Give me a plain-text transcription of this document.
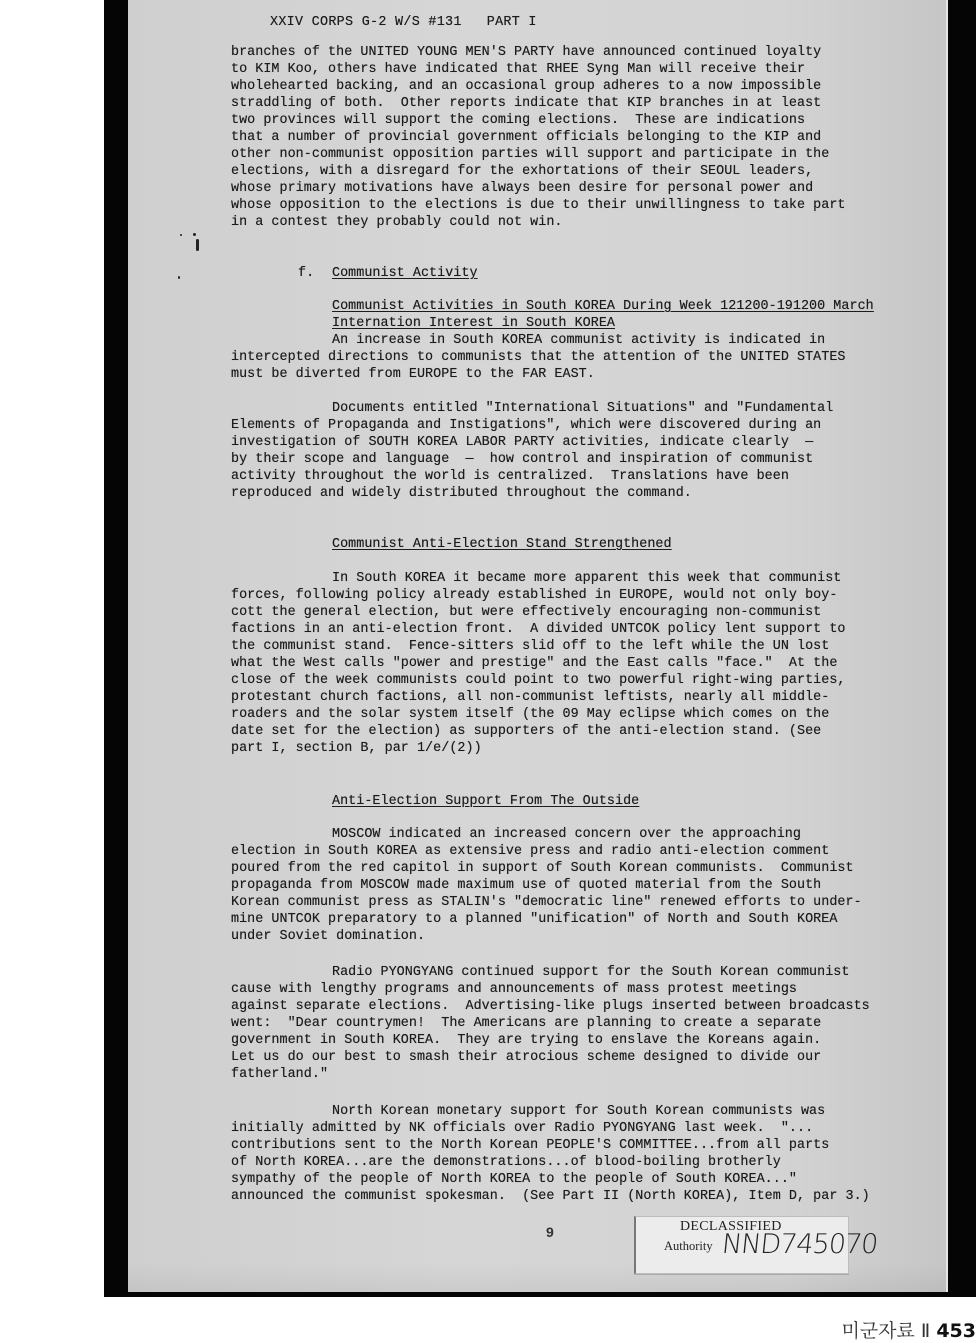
XXIV CORPS G-2 W/S #131   PART I
branches of the UNITED YOUNG MEN'S PARTY have announced continued loyalty
to KIM Koo, others have indicated that RHEE Syng Man will receive their
wholehearted backing, and an occasional group adheres to a now impossible
straddling of both.  Other reports indicate that KIP branches in at least
two provinces will support the coming elections.  These are indications
that a number of provincial government officials belonging to the KIP and
other non-communist opposition parties will support and participate in the
elections, with a disregard for the exhortations of their SEOUL leaders,
whose primary motivations have always been desire for personal power and
whose opposition to the elections is due to their unwillingness to take part
in a contest they probably could not win.
f. Communist Activity
Communist Activities in South KOREA During Week 121200-191200 March
Internation Interest in South KOREA
An increase in South KOREA communist activity is indicated in
intercepted directions to communists that the attention of the UNITED STATES
must be diverted from EUROPE to the FAR EAST.
Documents entitled "International Situations" and "Fundamental
Elements of Propaganda and Instigations", which were discovered during an
investigation of SOUTH KOREA LABOR PARTY activities, indicate clearly  —
by their scope and language  —  how control and inspiration of communist
activity throughout the world is centralized.  Translations have been
reproduced and widely distributed throughout the command.
Communist Anti-Election Stand Strengthened
In South KOREA it became more apparent this week that communist
forces, following policy already established in EUROPE, would not only boy-
cott the general election, but were effectively encouraging non-communist
factions in an anti-election front.  A divided UNTCOK policy lent support to
the communist stand.  Fence-sitters slid off to the left while the UN lost
what the West calls "power and prestige" and the East calls "face."  At the
close of the week communists could point to two powerful right-wing parties,
protestant church factions, all non-communist leftists, nearly all middle-
roaders and the solar system itself (the 09 May eclipse which comes on the
date set for the election) as supporters of the anti-election stand. (See
part I, section B, par 1/e/(2))
Anti-Election Support From The Outside
MOSCOW indicated an increased concern over the approaching
election in South KOREA as extensive press and radio anti-election comment
poured from the red capitol in support of South Korean communists.  Communist
propaganda from MOSCOW made maximum use of quoted material from the South
Korean communist press as STALIN's "democratic line" renewed efforts to under-
mine UNTCOK preparatory to a planned "unification" of North and South KOREA
under Soviet domination.
Radio PYONGYANG continued support for the South Korean communist
cause with lengthy programs and announcements of mass protest meetings
against separate elections.  Advertising-like plugs inserted between broadcasts
went:  "Dear countrymen!  The Americans are planning to create a separate
government in South KOREA.  They are trying to enslave the Koreans again.
Let us do our best to smash their atrocious scheme designed to divide our
fatherland."
North Korean monetary support for South Korean communists was
initially admitted by NK officials over Radio PYONGYANG last week.  "...
contributions sent to the North Korean PEOPLE'S COMMITTEE...from all parts
of North KOREA...are the demonstrations...of blood-boiling brotherly
sympathy of the people of North KOREA to the people of South KOREA..."
announced the communist spokesman.  (See Part II (North KOREA), Item D, par 3.)
9	DECLASSIFIED
Authority NND745070
미군자료 Ⅱ 453
